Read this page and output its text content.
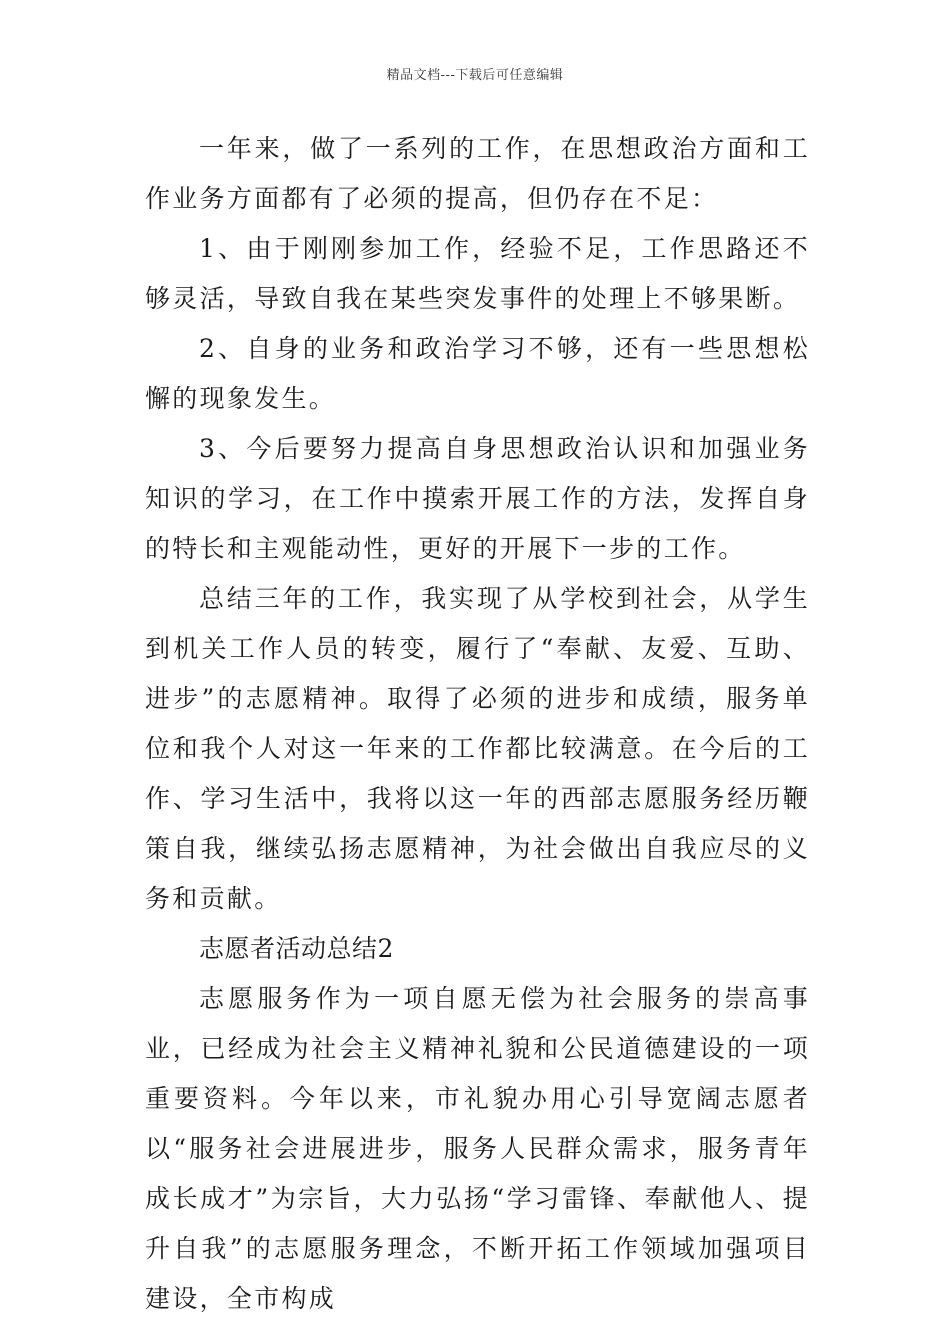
精品文档---下载后可任意编辑

一年来，做了一系列的工作，在思想政治方面和工作业务方面都有了必须的提高，但仍存在不足：

1、由于刚刚参加工作，经验不足，工作思路还不够灵活，导致自我在某些突发事件的处理上不够果断。

2、自身的业务和政治学习不够，还有一些思想松懈的现象发生。

3、今后要努力提高自身思想政治认识和加强业务知识的学习，在工作中摸索开展工作的方法，发挥自身的特长和主观能动性，更好的开展下一步的工作。

总结三年的工作，我实现了从学校到社会，从学生到机关工作人员的转变，履行了“奉献、友爱、互助、进步”的志愿精神。取得了必须的进步和成绩，服务单位和我个人对这一年来的工作都比较满意。在今后的工作、学习生活中，我将以这一年的西部志愿服务经历鞭策自我，继续弘扬志愿精神，为社会做出自我应尽的义务和贡献。

志愿者活动总结2

志愿服务作为一项自愿无偿为社会服务的崇高事业，已经成为社会主义精神礼貌和公民道德建设的一项重要资料。今年以来，市礼貌办用心引导宽阔志愿者以“服务社会进展进步，服务人民群众需求，服务青年成长成才”为宗旨，大力弘扬“学习雷锋、奉献他人、提升自我”的志愿服务理念，不断开拓工作领域加强项目建设，全市构成
